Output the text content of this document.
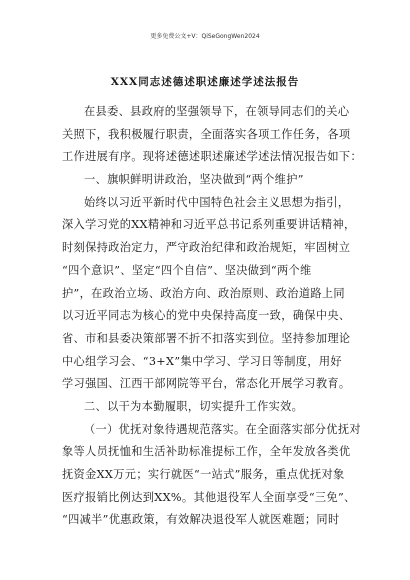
更多免费公文+V：QiSeGongWen2024
XXX同志述德述职述廉述学述法报告
在县委、县政府的坚强领导下，在领导同志们的关心
关照下，我积极履行职责，全面落实各项工作任务，各项
工作进展有序。现将述德述职述廉述学述法情况报告如下：
一、旗帜鲜明讲政治，坚决做到“两个维护”
始终以习近平新时代中国特色社会主义思想为指引，
深入学习党的XX精神和习近平总书记系列重要讲话精神，
时刻保持政治定力，严守政治纪律和政治规矩，牢固树立
“四个意识”、坚定“四个自信”、坚决做到“两个维
护”，在政治立场、政治方向、政治原则、政治道路上同
以习近平同志为核心的党中央保持高度一致，确保中央、
省、市和县委决策部署不折不扣落实到位。坚持参加理论
中心组学习会、“3+X”集中学习、学习日等制度，用好
学习强国、江西干部网院等平台，常态化开展学习教育。
二、以干为本勤履职，切实提升工作实效。
（一）优抚对象待遇规范落实。在全面落实部分优抚对
象等人员抚恤和生活补助标准提标工作，全年发放各类优
抚资金XX万元；实行就医“一站式”服务，重点优抚对象
医疗报销比例达到XX%。其他退役军人全面享受“三免”、
“四减半”优惠政策，有效解决退役军人就医难题；同时
